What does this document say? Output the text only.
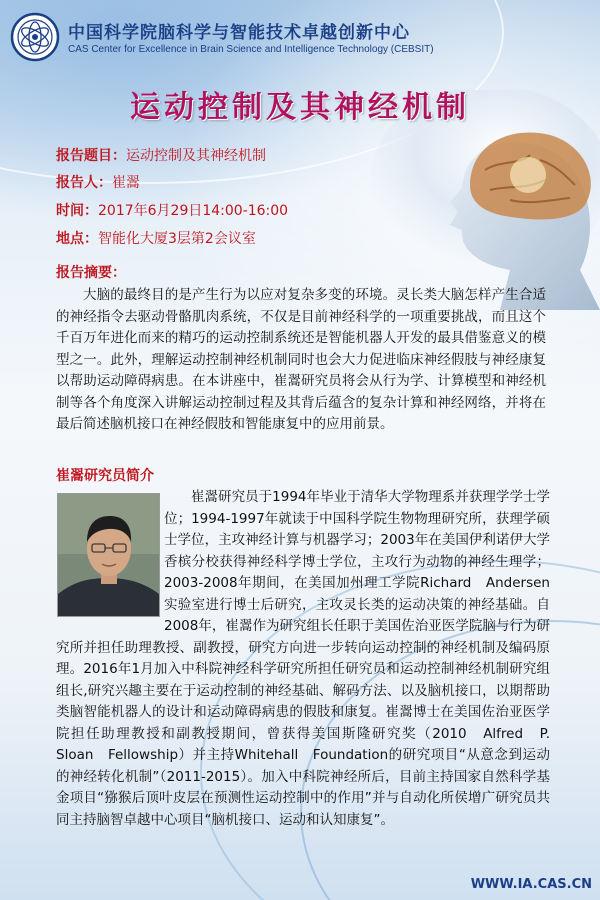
中国科学院脑科学与智能技术卓越创新中心
CAS Center for Excellence in Brain Science and Intelligence Technology (CEBSIT)
运动控制及其神经机制
报告题目：运动控制及其神经机制
报告人：崔翯
时间：2017年6月29日14:00-16:00
地点：智能化大厦3层第2会议室
报告摘要：
大脑的最终目的是产生行为以应对复杂多变的环境。灵长类大脑怎样产生合适的神经指令去驱动骨骼肌肉系统，不仅是目前神经科学的一项重要挑战，而且这个千百万年进化而来的精巧的运动控制系统还是智能机器人开发的最具借鉴意义的模型之一。此外，理解运动控制神经机制同时也会大力促进临床神经假肢与神经康复以帮助运动障碍病患。在本讲座中，崔翯研究员将会从行为学、计算模型和神经机制等各个角度深入讲解运动控制过程及其背后蕴含的复杂计算和神经网络，并将在最后简述脑机接口在神经假肢和智能康复中的应用前景。
崔翯研究员简介

崔翯研究员于1994年毕业于清华大学物理系并获理学学士学位；1994-1997年就读于中国科学院生物物理研究所，获理学硕士学位，主攻神经计算与机器学习；2003年在美国伊利诺伊大学香槟分校获得神经科学博士学位，主攻行为动物的神经生理学；2003-2008年期间，在美国加州理工学院Richard　Andersen实验室进行博士后研究，主攻灵长类的运动决策的神经基础。自2008年，崔翯作为研究组长任职于美国佐治亚医学院脑与行为研究所并担任助理教授、副教授，研究方向进一步转向运动控制的神经机制及编码原理。2016年1月加入中科院神经科学研究所担任研究员和运动控制神经机制研究组组长,研究兴趣主要在于运动控制的神经基础、解码方法、以及脑机接口，以期帮助类脑智能机器人的设计和运动障碍病患的假肢和康复。崔翯博士在美国佐治亚医学院担任助理教授和副教授期间，曾获得美国斯隆研究奖（2010　Alfred　P.　Sloan　Fellowship）并主持Whitehall　Foundation的研究项目“从意念到运动的神经转化机制”（2011-2015）。加入中科院神经所后，目前主持国家自然科学基金项目“猕猴后顶叶皮层在预测性运动控制中的作用”并与自动化所侯增广研究员共同主持脑智卓越中心项目“脑机接口、运动和认知康复”。

WWW.IA.CAS.CN
